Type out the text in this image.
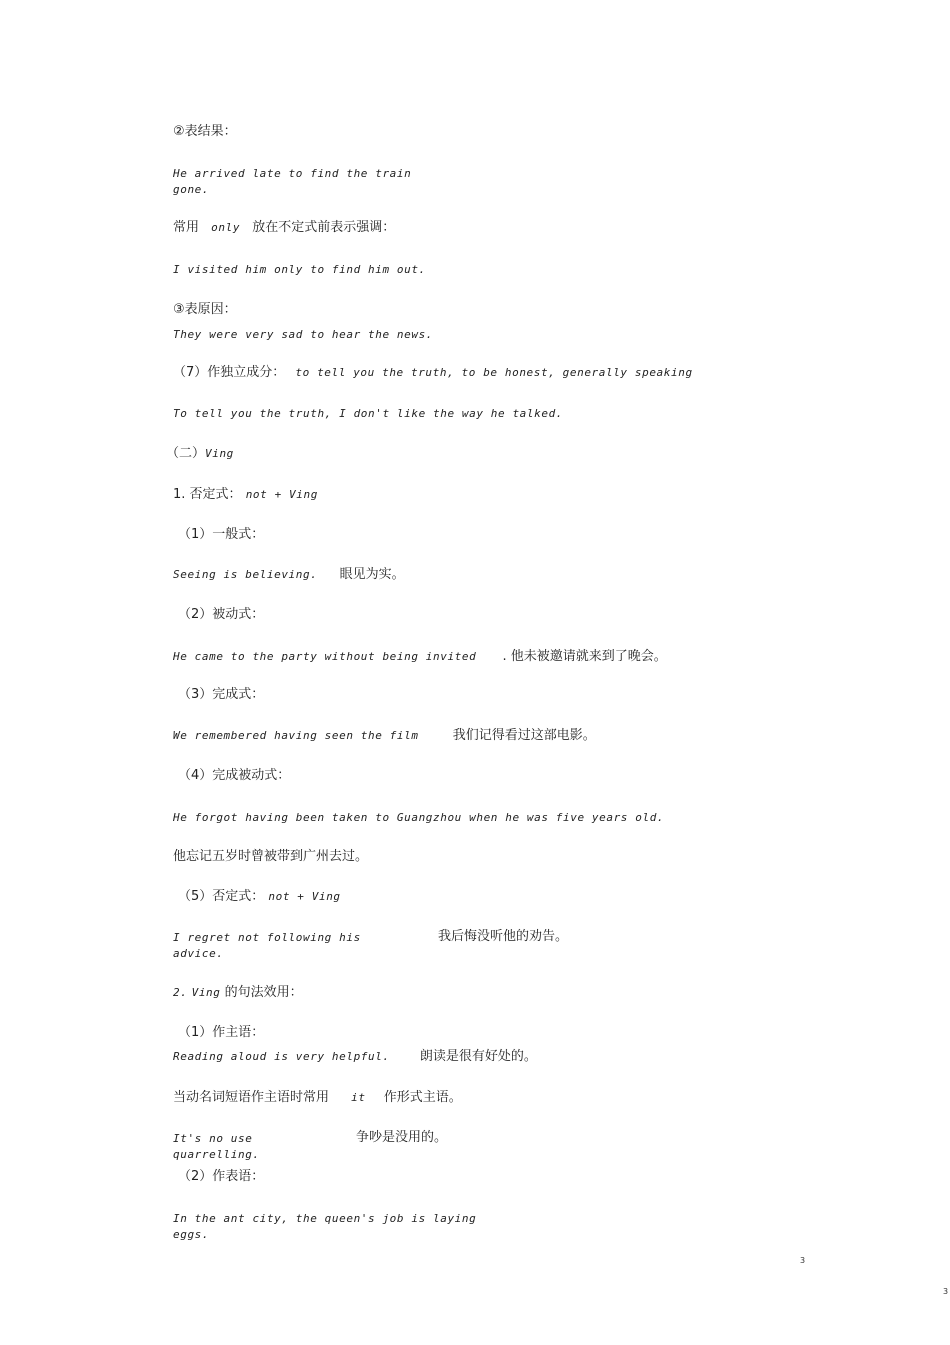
②表结果：
He arrived late to find the train gone.
常用 only 放在不定式前表示强调：
I visited him only to find him out.
③表原因：
They were very sad to hear the news.
（7）作独立成分： to tell you the truth, to be honest, generally speaking
To tell you the truth, I don't like the way he talked.
（二）Ving
1. 否定式： not + Ving
（1）一般式：
Seeing is believing. 眼见为实。
（2）被动式：
He came to the party without being invited . 他未被邀请就来到了晚会。
（3）完成式：
We remembered having seen the film	我们记得看过这部电影。
（4）完成被动式：
He forgot having been taken to Guangzhou when he was five years old.
他忘记五岁时曾被带到广州去过。
（5）否定式： not + Ving
I regret not following his advice.
我后悔没听他的劝告。
2. Ving 的句法效用：
（1）作主语：
Reading aloud is very helpful. 朗读是很有好处的。
当动名词短语作主语时常用 it 作形式主语。
It's no use quarrelling.
争吵是没用的。
（2）作表语：
In the ant city, the queen's job is laying eggs.
3
3
